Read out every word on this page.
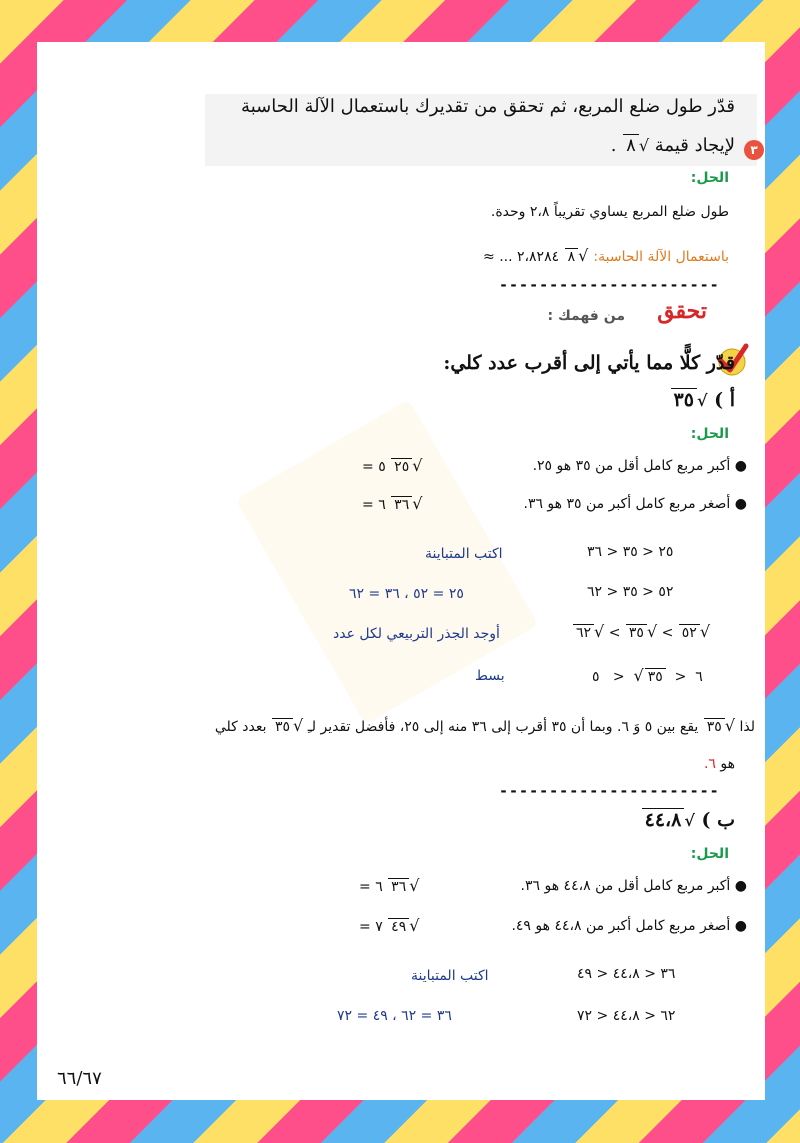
٣
قدّر طول ضلع المربع، ثم تحقق من تقديرك باستعمال الآلة الحاسبة
لإيجاد قيمة √٨ .
الحل:
طول ضلع المربع يساوي تقريباً ٢،٨ وحدة.
باستعمال الآلة الحاسبة: ≈ ... ٢،٨٢٨٤ ٨ √
----------------------
تحقق
من فهمك :
قدّر كلًّا مما يأتي إلى أقرب عدد كلي:
أ ) ٣٥ √
الحل:
● أكبر مربع كامل أقل من ٣٥ هو ٢٥.
= ٥ ٢٥ √
● أصغر مربع كامل أكبر من ٣٥ هو ٣٦.
= ٦ ٣٦ √
٢٥ < ٣٥ < ٣٦
اكتب المتباينة
٥٢ < ٣٥ < ٦٢
٢٥ = ٥٢ ، ٣٦ = ٦٢
٦٢ √ < ٣٥ √ < ٥٢ √
أوجد الجذر التربيعي لكل عدد
٦  <  ٣٥√  <   ٥
بسط
لذا ٣٥ √ يقع بين ٥ وَ ٦. وبما أن ٣٥ أقرب إلى ٣٦ منه إلى ٢٥، فأفضل تقدير لـِ ٣٥ √ بعدد كلي
هو ٦.
----------------------
ب ) ٤٤،٨ √
الحل:
● أكبر مربع كامل أقل من ٤٤،٨ هو ٣٦.
= ٦ ٣٦ √
● أصغر مربع كامل أكبر من ٤٤،٨ هو ٤٩.
= ٧ ٤٩ √
٣٦ < ٤٤،٨ < ٤٩
اكتب المتباينة
٦٢ < ٤٤،٨ < ٧٢
٣٦ = ٦٢ ، ٤٩ = ٧٢
٦٦/٦٧
